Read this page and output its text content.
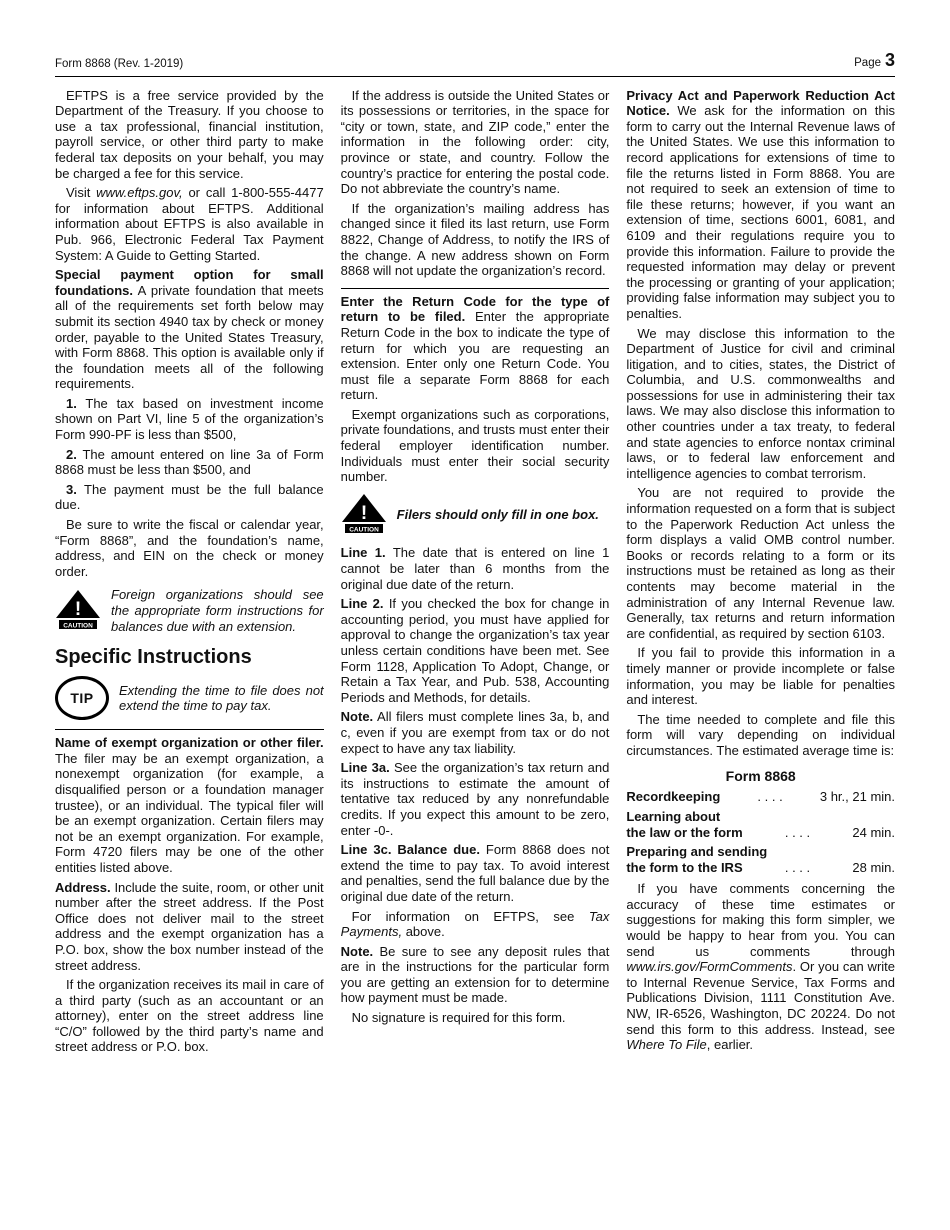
Form 8868 (Rev. 1-2019)	Page 3

EFTPS is a free service provided by the Department of the Treasury. If you choose to use a tax professional, financial institution, payroll service, or other third party to make federal tax deposits on your behalf, you may be charged a fee for this service.

Visit www.eftps.gov, or call 1-800-555-4477 for information about EFTPS. Additional information about EFTPS is also available in Pub. 966, Electronic Federal Tax Payment System: A Guide to Getting Started.

Special payment option for small foundations. A private foundation that meets all of the requirements set forth below may submit its section 4940 tax by check or money order, payable to the United States Treasury, with Form 8868. This option is available only if the foundation meets all of the following requirements.

1. The tax based on investment income shown on Part VI, line 5 of the organization’s Form 990-PF is less than $500,

2. The amount entered on line 3a of Form 8868 must be less than $500, and

3. The payment must be the full balance due.

Be sure to write the fiscal or calendar year, “Form 8868”, and the foundation’s name, address, and EIN on the check or money order.

!
CAUTION
Foreign organizations should see the appropriate form instructions for balances due with an extension.
Specific Instructions
TIP	Extending the time to file does not extend the time to pay tax.

Name of exempt organization or other filer. The filer may be an exempt organization, a nonexempt organization (for example, a disqualified person or a foundation manager trustee), or an individual. The typical filer will be an exempt organization. Certain filers may not be an exempt organization. For example, Form 4720 filers may be one of the other entities listed above.

Address. Include the suite, room, or other unit number after the street address. If the Post Office does not deliver mail to the street address and the exempt organization has a P.O. box, show the box number instead of the street address.

If the organization receives its mail in care of a third party (such as an accountant or an attorney), enter on the street address line “C/O” followed by the third party’s name and street address or P.O. box.

If the address is outside the United States or its possessions or territories, in the space for “city or town, state, and ZIP code,” enter the information in the following order: city, province or state, and country. Follow the country’s practice for entering the postal code. Do not abbreviate the country’s name.

If the organization’s mailing address has changed since it filed its last return, use Form 8822, Change of Address, to notify the IRS of the change. A new address shown on Form 8868 will not update the organization’s record.

Enter the Return Code for the type of return to be filed. Enter the appropriate Return Code in the box to indicate the type of return for which you are requesting an extension. Enter only one Return Code. You must file a separate Form 8868 for each return.

Exempt organizations such as corporations, private foundations, and trusts must enter their federal employer identification number. Individuals must enter their social security number.

!
CAUTION
Filers should only fill in one box.

Line 1. The date that is entered on line 1 cannot be later than 6 months from the original due date of the return.

Line 2. If you checked the box for change in accounting period, you must have applied for approval to change the organization’s tax year unless certain conditions have been met. See Form 1128, Application To Adopt, Change, or Retain a Tax Year, and Pub. 538, Accounting Periods and Methods, for details.

Note. All filers must complete lines 3a, b, and c, even if you are exempt from tax or do not expect to have any tax liability.

Line 3a. See the organization’s tax return and its instructions to estimate the amount of tentative tax reduced by any nonrefundable credits. If you expect this amount to be zero, enter -0-.

Line 3c. Balance due. Form 8868 does not extend the time to pay tax. To avoid interest and penalties, send the full balance due by the original due date of the return.

For information on EFTPS, see Tax Payments, above.

Note. Be sure to see any deposit rules that are in the instructions for the particular form you are getting an extension for to determine how payment must be made.

No signature is required for this form.

Privacy Act and Paperwork Reduction Act Notice. We ask for the information on this form to carry out the Internal Revenue laws of the United States. We use this information to record applications for extensions of time to file the returns listed in Form 8868. You are not required to seek an extension of time to file these returns; however, if you want an extension of time, sections 6001, 6081, and 6109 and their regulations require you to provide this information. Failure to provide the requested information may delay or prevent the processing or granting of your application; providing false information may subject you to penalties.

We may disclose this information to the Department of Justice for civil and criminal litigation, and to cities, states, the District of Columbia, and U.S. commonwealths and possessions for use in administering their tax laws. We may also disclose this information to other countries under a tax treaty, to federal and state agencies to enforce nontax criminal laws, or to federal law enforcement and intelligence agencies to combat terrorism.

You are not required to provide the information requested on a form that is subject to the Paperwork Reduction Act unless the form displays a valid OMB control number. Books or records relating to a form or its instructions must be retained as long as their contents may become material in the administration of any Internal Revenue law. Generally, tax returns and return information are confidential, as required by section 6103.

If you fail to provide this information in a timely manner or provide incomplete or false information, you may be liable for penalties and interest.

The time needed to complete and file this form will vary depending on individual circumstances. The estimated average time is:

Form 8868
Recordkeeping	. . . .	3 hr., 21 min.
Learning about
the law or the form	. . . .	24 min.
Preparing and sending
the form to the IRS	. . . .	28 min.

If you have comments concerning the accuracy of these time estimates or suggestions for making this form simpler, we would be happy to hear from you. You can send us comments through www.irs.gov/FormComments. Or you can write to Internal Revenue Service, Tax Forms and Publications Division, 1111 Constitution Ave. NW, IR-6526, Washington, DC 20224. Do not send this form to this address. Instead, see Where To File, earlier.
